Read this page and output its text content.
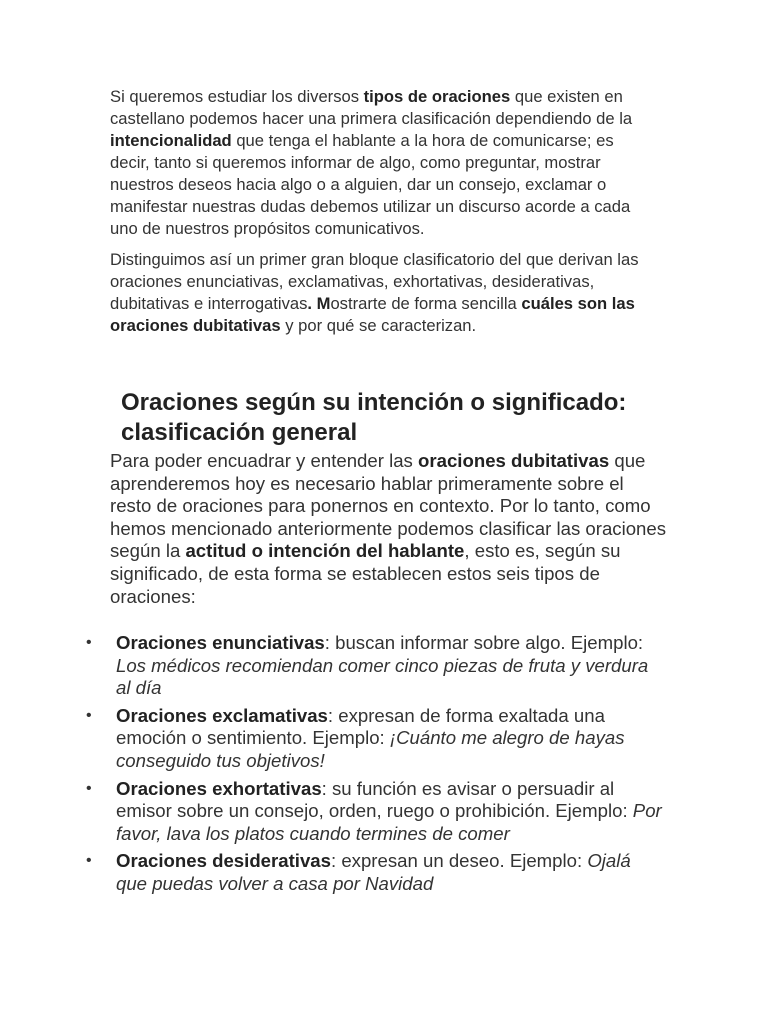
Si queremos estudiar los diversos tipos de oraciones que existen en castellano podemos hacer una primera clasificación dependiendo de la intencionalidad que tenga el hablante a la hora de comunicarse; es decir, tanto si queremos informar de algo, como preguntar, mostrar nuestros deseos hacia algo o a alguien, dar un consejo, exclamar o manifestar nuestras dudas debemos utilizar un discurso acorde a cada uno de nuestros propósitos comunicativos.

Distinguimos así un primer gran bloque clasificatorio del que derivan las oraciones enunciativas, exclamativas, exhortativas, desiderativas, dubitativas e interrogativas. Mostrarte de forma sencilla cuáles son las oraciones dubitativas y por qué se caracterizan.

Oraciones según su intención o significado: clasificación general
Para poder encuadrar y entender las oraciones dubitativas que aprenderemos hoy es necesario hablar primeramente sobre el resto de oraciones para ponernos en contexto. Por lo tanto, como hemos mencionado anteriormente podemos clasificar las oraciones según la actitud o intención del hablante, esto es, según su significado, de esta forma se establecen estos seis tipos de oraciones:
•	Oraciones enunciativas: buscan informar sobre algo. Ejemplo: Los médicos recomiendan comer cinco piezas de fruta y verdura al día
•	Oraciones exclamativas: expresan de forma exaltada una emoción o sentimiento. Ejemplo: ¡Cuánto me alegro de hayas conseguido tus objetivos!
•	Oraciones exhortativas: su función es avisar o persuadir al emisor sobre un consejo, orden, ruego o prohibición. Ejemplo: Por favor, lava los platos cuando termines de comer
•	Oraciones desiderativas: expresan un deseo. Ejemplo: Ojalá que puedas volver a casa por Navidad
